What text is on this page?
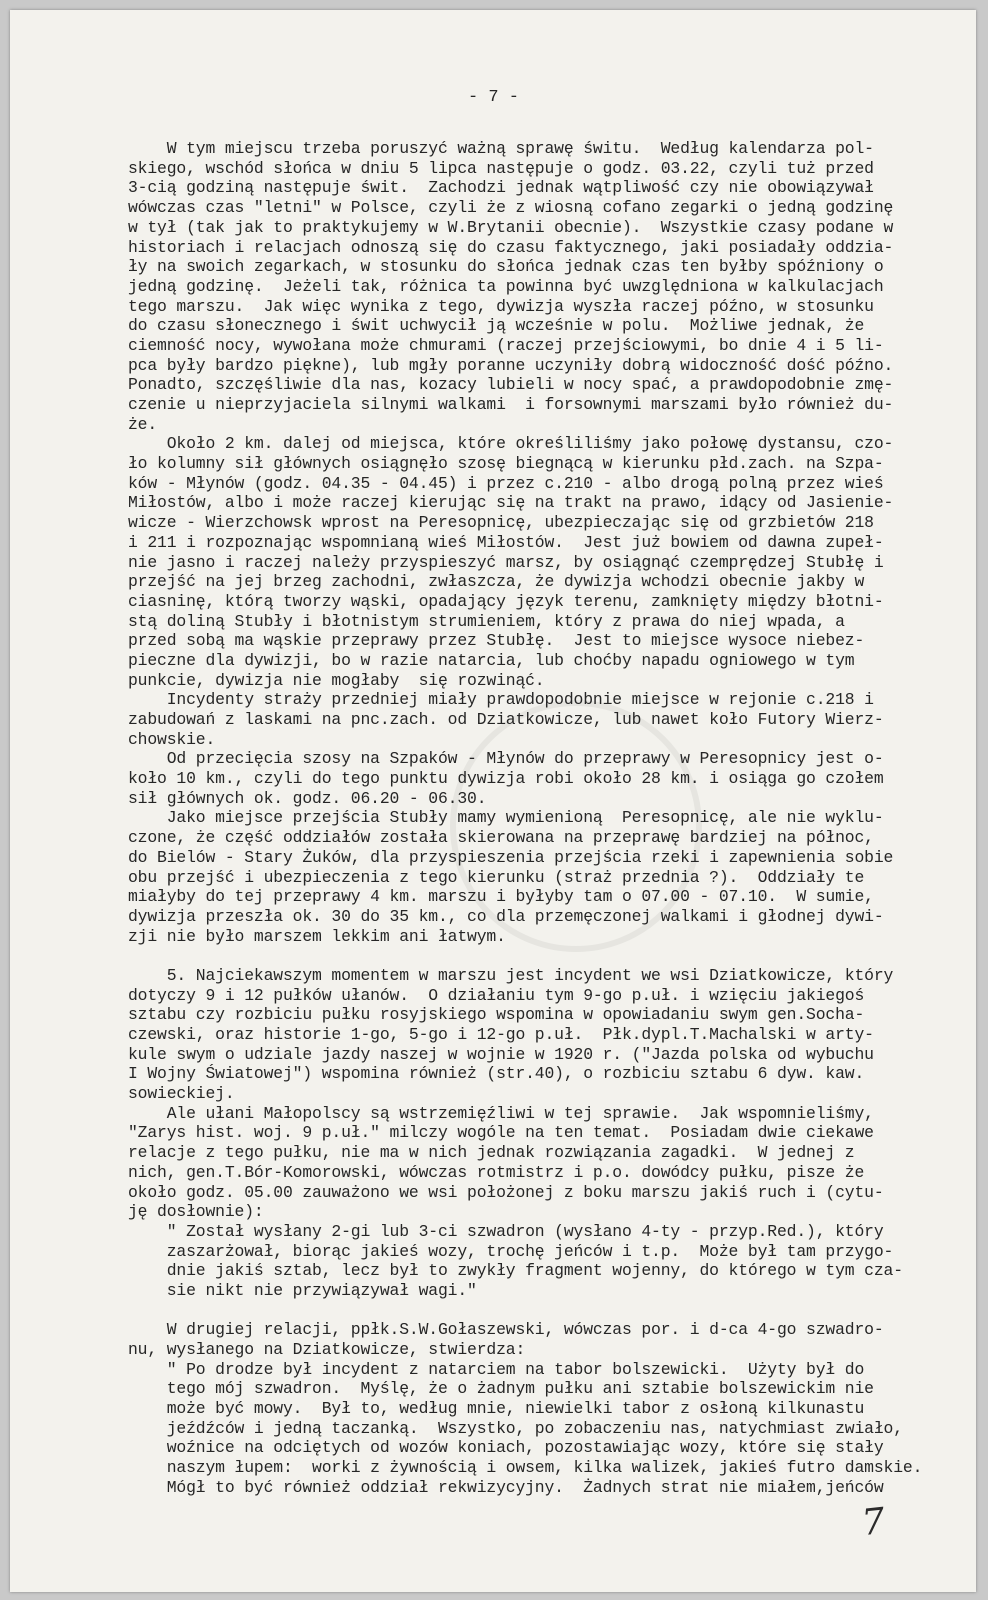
- 7 -
W tym miejscu trzeba poruszyć ważną sprawę świtu.  Według kalendarza pol-
skiego, wschód słońca w dniu 5 lipca następuje o godz. 03.22, czyli tuż przed
3-cią godziną następuje świt.  Zachodzi jednak wątpliwość czy nie obowiązywał
wówczas czas "letni" w Polsce, czyli że z wiosną cofano zegarki o jedną godzinę
w tył (tak jak to praktykujemy w W.Brytanii obecnie).  Wszystkie czasy podane w
historiach i relacjach odnoszą się do czasu faktycznego, jaki posiadały oddzia-
ły na swoich zegarkach, w stosunku do słońca jednak czas ten byłby spóźniony o
jedną godzinę.  Jeżeli tak, różnica ta powinna być uwzględniona w kalkulacjach
tego marszu.  Jak więc wynika z tego, dywizja wyszła raczej późno, w stosunku
do czasu słonecznego i świt uchwycił ją wcześnie w polu.  Możliwe jednak, że
ciemność nocy, wywołana może chmurami (raczej przejściowymi, bo dnie 4 i 5 li-
pca były bardzo piękne), lub mgły poranne uczyniły dobrą widoczność dość późno.
Ponadto, szczęśliwie dla nas, kozacy lubieli w nocy spać, a prawdopodobnie zmę-
czenie u nieprzyjaciela silnymi walkami  i forsownymi marszami było również du-
że.
Około 2 km. dalej od miejsca, które określiliśmy jako połowę dystansu, czo-
ło kolumny sił głównych osiągnęło szosę biegnącą w kierunku płd.zach. na Szpa-
ków - Młynów (godz. 04.35 - 04.45) i przez c.210 - albo drogą polną przez wieś
Miłostów, albo i może raczej kierując się na trakt na prawo, idący od Jasienie-
wicze - Wierzchowsk wprost na Peresopnicę, ubezpieczając się od grzbietów 218
i 211 i rozpoznając wspomnianą wieś Miłostów.  Jest już bowiem od dawna zupeł-
nie jasno i raczej należy przyspieszyć marsz, by osiągnąć czemprędzej Stubłę i
przejść na jej brzeg zachodni, zwłaszcza, że dywizja wchodzi obecnie jakby w
ciasninę, którą tworzy wąski, opadający język terenu, zamknięty między błotni-
stą doliną Stubły i błotnistym strumieniem, który z prawa do niej wpada, a
przed sobą ma wąskie przeprawy przez Stubłę.  Jest to miejsce wysoce niebez-
pieczne dla dywizji, bo w razie natarcia, lub choćby napadu ogniowego w tym
punkcie, dywizja nie mogłaby  się rozwinąć.
Incydenty straży przedniej miały prawdopodobnie miejsce w rejonie c.218 i
zabudowań z laskami na pnc.zach. od Dziatkowicze, lub nawet koło Futory Wierz-
chowskie.
Od przecięcia szosy na Szpaków - Młynów do przeprawy w Peresopnicy jest o-
koło 10 km., czyli do tego punktu dywizja robi około 28 km. i osiąga go czołem
sił głównych ok. godz. 06.20 - 06.30.
Jako miejsce przejścia Stubły mamy wymienioną  Peresopnicę, ale nie wyklu-
czone, że część oddziałów została skierowana na przeprawę bardziej na północ,
do Bielów - Stary Żuków, dla przyspieszenia przejścia rzeki i zapewnienia sobie
obu przejść i ubezpieczenia z tego kierunku (straż przednia ?).  Oddziały te
miałyby do tej przeprawy 4 km. marszu i byłyby tam o 07.00 - 07.10.  W sumie,
dywizja przeszła ok. 30 do 35 km., co dla przemęczonej walkami i głodnej dywi-
zji nie było marszem lekkim ani łatwym.
5. Najciekawszym momentem w marszu jest incydent we wsi Dziatkowicze, który
dotyczy 9 i 12 pułków ułanów.  O działaniu tym 9-go p.uł. i wzięciu jakiegoś
sztabu czy rozbiciu pułku rosyjskiego wspomina w opowiadaniu swym gen.Socha-
czewski, oraz historie 1-go, 5-go i 12-go p.uł.  Płk.dypl.T.Machalski w arty-
kule swym o udziale jazdy naszej w wojnie w 1920 r. ("Jazda polska od wybuchu
I Wojny Światowej") wspomina również (str.40), o rozbiciu sztabu 6 dyw. kaw.
sowieckiej.
Ale ułani Małopolscy są wstrzemięźliwi w tej sprawie.  Jak wspomnieliśmy,
"Zarys hist. woj. 9 p.uł." milczy wogóle na ten temat.  Posiadam dwie ciekawe
relacje z tego pułku, nie ma w nich jednak rozwiązania zagadki.  W jednej z
nich, gen.T.Bór-Komorowski, wówczas rotmistrz i p.o. dowódcy pułku, pisze że
około godz. 05.00 zauważono we wsi położonej z boku marszu jakiś ruch i (cytu-
ję dosłownie):
" Został wysłany 2-gi lub 3-ci szwadron (wysłano 4-ty - przyp.Red.), który
zaszarżował, biorąc jakieś wozy, trochę jeńców i t.p.  Może był tam przygo-
dnie jakiś sztab, lecz był to zwykły fragment wojenny, do którego w tym cza-
sie nikt nie przywiązywał wagi."
W drugiej relacji, ppłk.S.W.Gołaszewski, wówczas por. i d-ca 4-go szwadro-
nu, wysłanego na Dziatkowicze, stwierdza:
" Po drodze był incydent z natarciem na tabor bolszewicki.  Użyty był do
tego mój szwadron.  Myślę, że o żadnym pułku ani sztabie bolszewickim nie
może być mowy.  Był to, według mnie, niewielki tabor z osłoną kilkunastu
jeźdźców i jedną taczanką.  Wszystko, po zobaczeniu nas, natychmiast zwiało,
woźnice na odciętych od wozów koniach, pozostawiając wozy, które się stały
naszym łupem:  worki z żywnością i owsem, kilka walizek, jakieś futro damskie.
Mógł to być również oddział rekwizycyjny.  Żadnych strat nie miałem,jeńców
7
